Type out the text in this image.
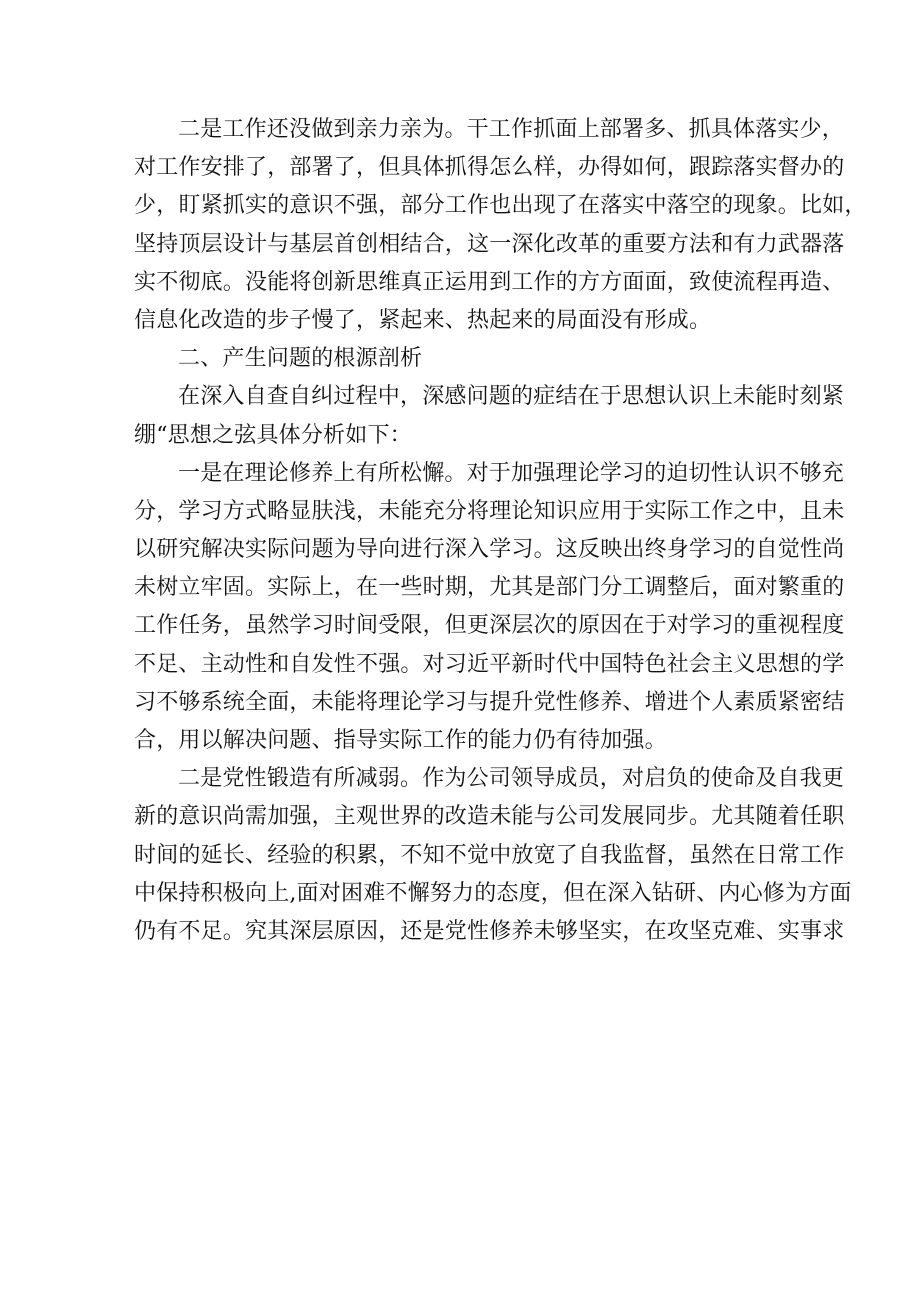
二是工作还没做到亲力亲为。干工作抓面上部署多、抓具体落实少，
对工作安排了，部署了，但具体抓得怎么样，办得如何，跟踪落实督办的
少，盯紧抓实的意识不强，部分工作也出现了在落实中落空的现象。比如，
坚持顶层设计与基层首创相结合，这一深化改革的重要方法和有力武器落
实不彻底。没能将创新思维真正运用到工作的方方面面，致使流程再造、
信息化改造的步子慢了，紧起来、热起来的局面没有形成。
二、产生问题的根源剖析
在深入自查自纠过程中，深感问题的症结在于思想认识上未能时刻紧
绷“思想之弦具体分析如下：
一是在理论修养上有所松懈。对于加强理论学习的迫切性认识不够充
分，学习方式略显肤浅，未能充分将理论知识应用于实际工作之中，且未
以研究解决实际问题为导向进行深入学习。这反映出终身学习的自觉性尚
未树立牢固。实际上，在一些时期，尤其是部门分工调整后，面对繁重的
工作任务，虽然学习时间受限，但更深层次的原因在于对学习的重视程度
不足、主动性和自发性不强。对习近平新时代中国特色社会主义思想的学
习不够系统全面，未能将理论学习与提升党性修养、增进个人素质紧密结
合，用以解决问题、指导实际工作的能力仍有待加强。
二是党性锻造有所减弱。作为公司领导成员，对启负的使命及自我更
新的意识尚需加强，主观世界的改造未能与公司发展同步。尤其随着任职
时间的延长、经验的积累，不知不觉中放宽了自我监督，虽然在日常工作
中保持积极向上,面对困难不懈努力的态度，但在深入钻研、内心修为方面
仍有不足。究其深层原因，还是党性修养未够坚实，在攻坚克难、实事求
